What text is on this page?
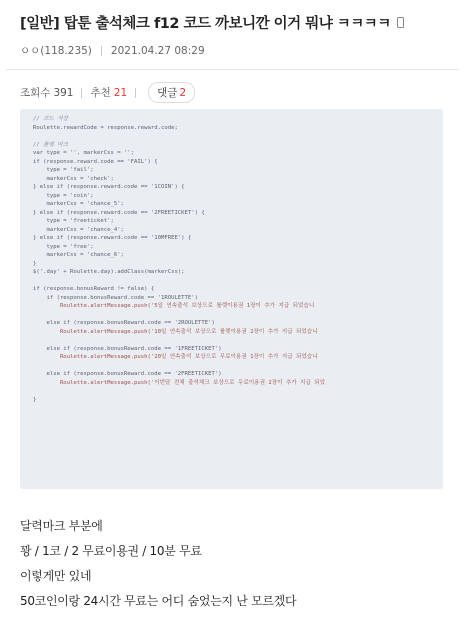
[일반] 탑툰 출석체크 f12 코드 까보니깐 이거 뭐냐 ㅋㅋㅋㅋ
ㅇㅇ(118.235) 2021.04.27 08:29
조회수 391 추천 21	댓글 2
// 코드 저장
Roulette.rewardCode = response.reward.code;
// 룰렛 마크
var type = '', markerCss = '';
if (response.reward.code == 'FAIL') {
type = 'fail';
markerCss = 'check';
} else if (response.reward.code == '1COIN') {
type = 'coin';
markerCss = 'chance_5';
} else if (response.reward.code == '2FREETICKET') {
type = 'freeticket';
markerCss = 'chance_4';
} else if (response.reward.code == '10MFREE') {
type = 'free';
markerCss = 'chance_6';
}
$('.day' + Roulette.day).addClass(markerCss);
if (response.bonusReward != false) {
if (response.bonusReward.code == '1ROULETTE')
Roulette.alertMessage.push('5일 연속출석 보상으로 룰렛이용권 1장이 추가 지급 되었습니
else if (response.bonusReward.code == '2ROULETTE')
Roulette.alertMessage.push('10일 연속출석 보상으로 룰렛이용권 2장이 추가 지급 되었습니
else if (response.bonusReward.code == '1FREETICKET')
Roulette.alertMessage.push('20일 연속출석 보상으로 무료이용권 1장이 추가 지급 되었습니
else if (response.bonusReward.code == '2FREETICKET')
Roulette.alertMessage.push('이번달 전체 출석체크 보상으로 무료이용권 2장이 추가 지급 되었
}
달력마크 부분에
꽝 / 1코 / 2 무료이용권 / 10분 무료
이렇게만 있네
50코인이랑 24시간 무료는 어디 숨었는지 난 모르겠다
